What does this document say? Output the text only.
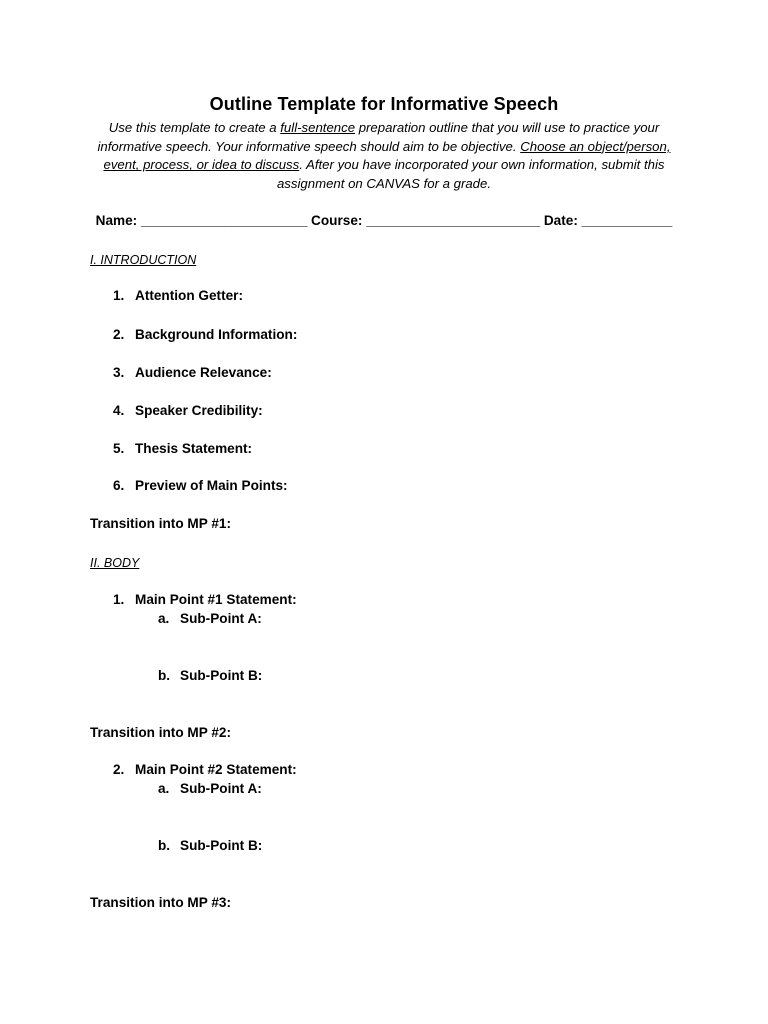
Outline Template for Informative Speech
Use this template to create a full-sentence preparation outline that you will use to practice your informative speech. Your informative speech should aim to be objective. Choose an object/person, event, process, or idea to discuss. After you have incorporated your own information, submit this assignment on CANVAS for a grade.
Name: ______________________ Course: _______________________ Date: ____________
I. INTRODUCTION
1. Attention Getter:
2. Background Information:
3. Audience Relevance:
4. Speaker Credibility:
5. Thesis Statement:
6. Preview of Main Points:
Transition into MP #1:
II. BODY
1. Main Point #1 Statement:
a. Sub-Point A:
b. Sub-Point B:
Transition into MP #2:
2. Main Point #2 Statement:
a. Sub-Point A:
b. Sub-Point B:
Transition into MP #3:
